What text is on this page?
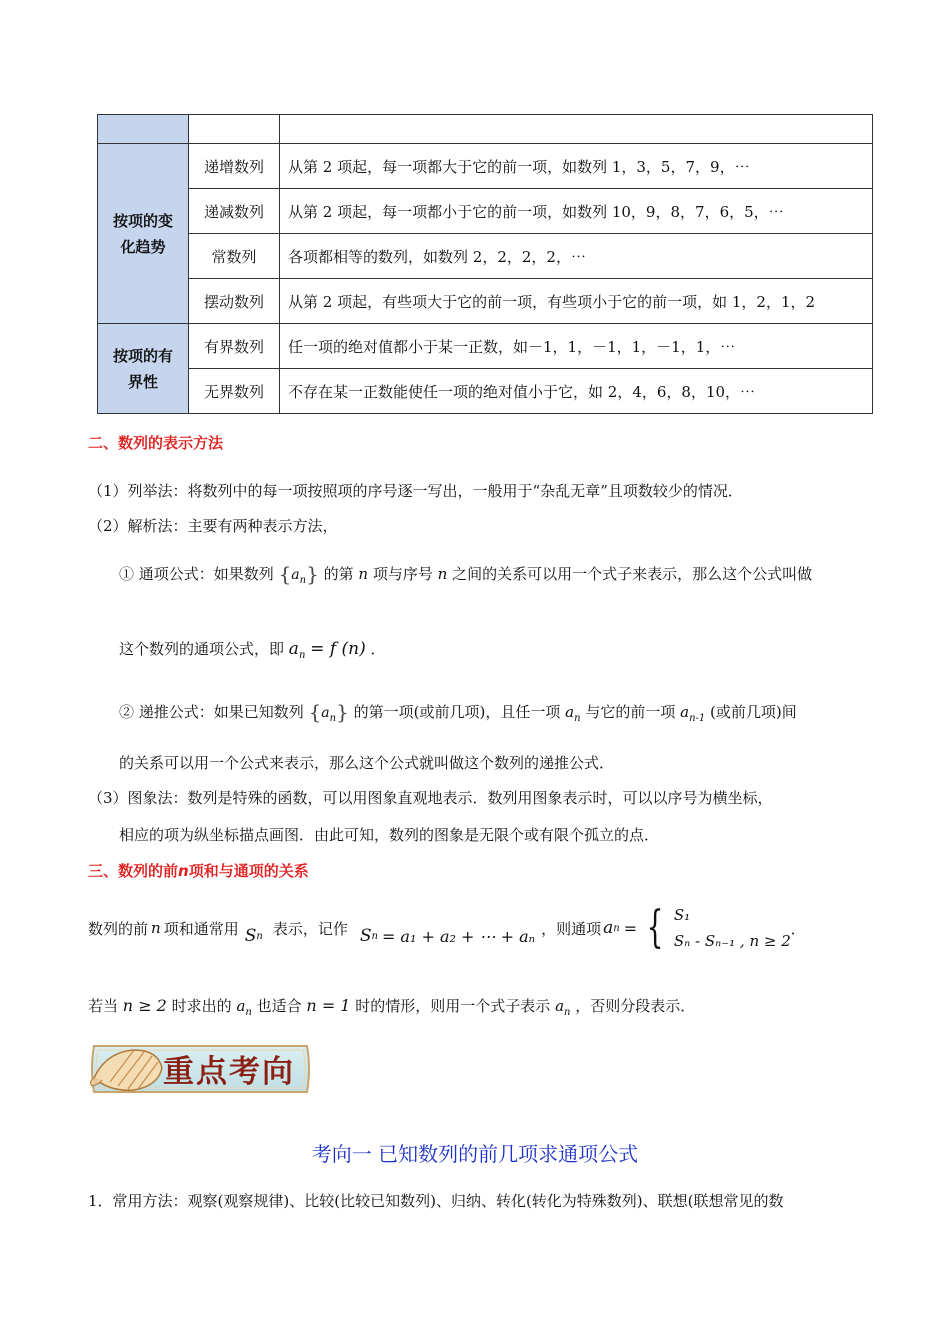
按项的变
化趋势	递增数列	从第 2 项起，每一项都大于它的前一项，如数列 1，3，5，7，9，⋯
	递减数列	从第 2 项起，每一项都小于它的前一项，如数列 10，9，8，7，6，5，⋯
	常数列	各项都相等的数列，如数列 2，2，2，2，⋯
	摆动数列	从第 2 项起，有些项大于它的前一项，有些项小于它的前一项，如 1，2，1，2
按项的有
界性	有界数列	任一项的绝对值都小于某一正数，如－1，1，－1，1，－1，1，⋯
	无界数列	不存在某一正数能使任一项的绝对值小于它，如 2，4，6，8，10，⋯
二、数列的表示方法
（1）列举法：将数列中的每一项按照项的序号逐一写出，一般用于“杂乱无章”且项数较少的情况．
（2）解析法：主要有两种表示方法，
① 通项公式：如果数列 $\{a_n\}$ 的第 n 项与序号 n 之间的关系可以用一个式子来表示，那么这个公式叫做
这个数列的通项公式，即 $a_n = f$ (n) ．
② 递推公式：如果已知数列 $\{a_n\}$ 的第一项(或前几项)，且任一项 $a_n$ 与它的前一项 $a_{n-1}$ (或前几项)间
的关系可以用一个公式来表示，那么这个公式就叫做这个数列的递推公式．
（3）图象法：数列是特殊的函数，可以用图象直观地表示．数列用图象表示时，可以以序号为横坐标，
相应的项为纵坐标描点画图．由此可知，数列的图象是无限个或有限个孤立的点．
三、数列的前n项和与通项的关系
数列的前 n 项和通常用 S n 表示，记作 S n = a₁ + a₂ + ⋯ + aₙ ，则通项 a n = { S₁
Sₙ - Sₙ₋₁ , n ≥ 2
．
若当 n ≥ 2 时求出的 $a_n$ 也适合 n = 1 时的情形，则用一个式子表示 $a_n$ ，否则分段表示．
重点考向
考向一 已知数列的前几项求通项公式
1．常用方法：观察(观察规律)、比较(比较已知数列)、归纳、转化(转化为特殊数列)、联想(联想常见的数
